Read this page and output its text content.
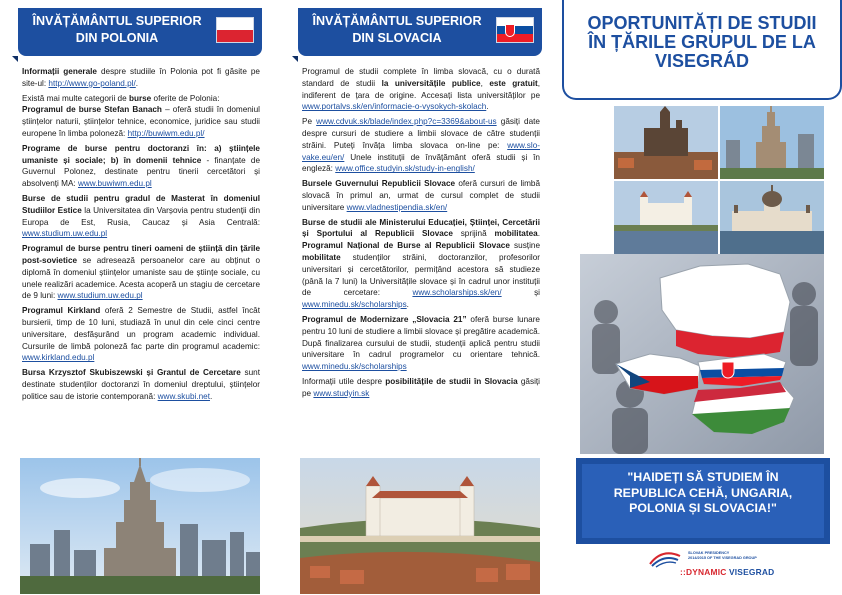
ÎNVĂȚĂMÂNTUL SUPERIOR
DIN POLONIA

Informații generale despre studiile în Polonia pot fi găsite pe site-ul: http://www.go-poland.pl/.

Există mai multe categorii de burse oferite de Polonia:
Programul de burse Stefan Banach – oferă studii în domeniul științelor naturii, științelor tehnice, economice, juridice sau studii europene în limba poloneză: http://buwiwm.edu.pl/

Programe de burse pentru doctoranzi în: a) științele umaniste și sociale; b) în domenii tehnice - finanțate de Guvernul Polonez, destinate pentru tinerii cercetători și absolvenți MA: www.buwiwm.edu.pl

Burse de studii pentru gradul de Masterat în domeniul Studiilor Estice la Universitatea din Varșovia pentru studenții din Europa de Est, Rusia, Caucaz și Asia Centrală: www.studium.uw.edu.pl

Programul de burse pentru tineri oameni de știință din țările post-sovietice se adresează persoanelor care au obținut o diplomă în domeniul științelor umaniste sau de științe sociale, cu unele realizări academice. Acesta acoperă un stagiu de cercetare de 9 luni: www.studium.uw.edu.pl

Programul Kirkland oferă 2 Semestre de Studii, astfel încât bursierii, timp de 10 luni, studiază în unul din cele cinci centre universitare, desfășurând un program academic individual. Cursurile de limbă poloneză fac parte din programul academic: www.kirkland.edu.pl

Bursa Krzysztof Skubiszewski și Grantul de Cercetare sunt destinate studenților doctoranzi în domeniul dreptului, științelor politice sau de istorie contemporană: www.skubi.net.

ÎNVĂȚĂMÂNTUL SUPERIOR
DIN SLOVACIA

Programul de studii complete în limba slovacă, cu o durată standard de studii la universitățile publice, este gratuit, indiferent de țara de origine. Accesați lista universităților pe www.portalvs.sk/en/informacie-o-vysokych-skolach.

Pe www.cdvuk.sk/blade/index.php?c=3369&about-us găsiți date despre cursuri de studiere a limbii slovace de către studenții străini. Puteți învăța limba slovaca on-line pe: www.slo-vake.eu/en/ Unele instituții de învățământ oferă studii și în engleză: www.office.studyin.sk/study-in-english/

Bursele Guvernului Republicii Slovace oferă cursuri de limbă slovacă în primul an, urmat de cursul complet de studii universitare www.vladnestipendia.sk/en/

Burse de studii ale Ministerului Educației, Științei, Cercetării și Sportului al Republicii Slovace sprijină mobilitatea. Programul Național de Burse al Republicii Slovace susține mobilitate studenților străini, doctoranzilor, profesorilor universitari și cercetătorilor, permițând acestora să studieze (până la 7 luni) la Universitățile slovace și în cadrul unor instituții de cercetare: www.scholarships.sk/en/ și www.minedu.sk/scholarships.

Programul de Modernizare „Slovacia 21” oferă burse lunare pentru 10 luni de studiere a limbii slovace și pregătire academică. După finalizarea cursului de studii, studenții aplică pentru studii universitare în cadrul programelor cu orientare tehnică. www.minedu.sk/scholarships

Informații utile despre posibilitățile de studii în Slovacia găsiți pe www.studyin.sk

OPORTUNITĂȚI DE STUDII
ÎN ȚĂRILE GRUPUL DE LA
VISEGRÁD
"HAIDEȚI SĂ STUDIEM ÎN
REPUBLICA CEHĂ, UNGARIA,
POLONIA ȘI SLOVACIA!"
SLOVAK PRESIDENCY
2014/2015 OF THE VISEGRAD GROUP
::DYNAMIC VISEGRAD
